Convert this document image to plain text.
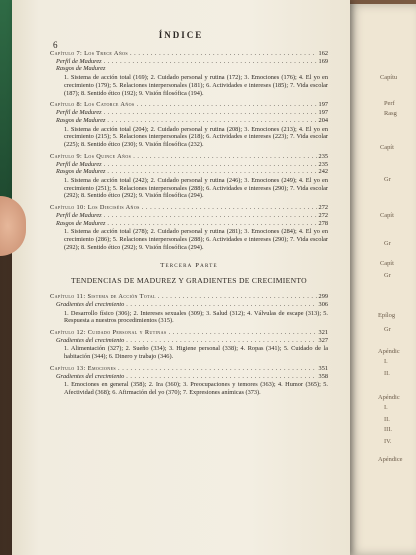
Capítu
Perf
Rasg
Capít
Gr
Capít
Gr
Capít
Gr
Epílog
Gr
Apéndic
I.
II.
Apéndic
I.
II.
III.
IV.
Apéndice
ÍNDICE
6
Capítulo 7: Los Trece Años . . .	162
Perfil de Madurez . . .	169
Rasgos de Madurez
1. Sistema de acción total (169); 2. Cuidado personal y rutina (172); 3. Emociones (176); 4. El yo en crecimiento (179); 5. Relaciones interpersonales (181); 6. Actividades e intereses (185); 7. Vida escolar (187); 8. Sentido ético (192); 9. Visión filosófica (194).
Capítulo 8: Los Catorce Años . . .	197
Perfil de Madurez . . .	197
Rasgos de Madurez . . .	204
1. Sistema de acción total (204); 2. Cuidado personal y rutina (208); 3. Emociones (213); 4. El yo en crecimiento (215); 5. Relaciones interpersonales (218); 6. Actividades e intereses (223); 7. Vida escolar (225); 8. Sentido ético (230); 9. Visión filosófica (232).
Capítulo 9: Los Quince Años . . .	235
Perfil de Madurez . . .	235
Rasgos de Madurez . . .	242
1. Sistema de acción total (242); 2. Cuidado personal y rutina (246); 3. Emociones (249); 4. El yo en crecimiento (251); 5. Relaciones interpersonales (288); 6. Actividades e intereses (290); 7. Vida escolar (292); 8. Sentido ético (292); 9. Visión filosófica (294).
Capítulo 10: Los Dieciséis Años . . .	272
Perfil de Madurez . . .	272
Rasgos de Madurez . . .	278
1. Sistema de acción total (278); 2. Cuidado personal y rutina (281); 3. Emociones (284); 4. El yo en crecimiento (286); 5. Relaciones interpersonales (288); 6. Actividades e intereses (290); 7. Vida escolar (292); 8. Sentido ético (292); 9. Visión filosófica (294).
Tercera Parte
TENDENCIAS DE MADUREZ Y GRADIENTES DE CRECIMIENTO
Capítulo 11: Sistema de Acción Total . . .	299
Gradientes del crecimiento . . .	306
1. Desarrollo físico (306); 2. Intereses sexuales (309); 3. Salud (312); 4. Válvulas de escape (313); 5. Respuesta a nuestros procedimientos (315).
Capítulo 12: Cuidado Personal y Rutinas . . .	321
Gradientes del crecimiento . . .	327
1. Alimentación (327); 2. Sueño (334); 3. Higiene personal (338); 4. Ropas (341); 5. Cuidado de la habitación (344); 6. Dinero y trabajo (346).
Capítulo 13: Emociones . . .	351
Gradientes del crecimiento . . .	358
1. Emociones en general (358); 2. Ira (360); 3. Preocupaciones y temores (363); 4. Humor (365); 5. Afectividad (368); 6. Afirmación del yo (370); 7. Expresiones anímicas (373).
